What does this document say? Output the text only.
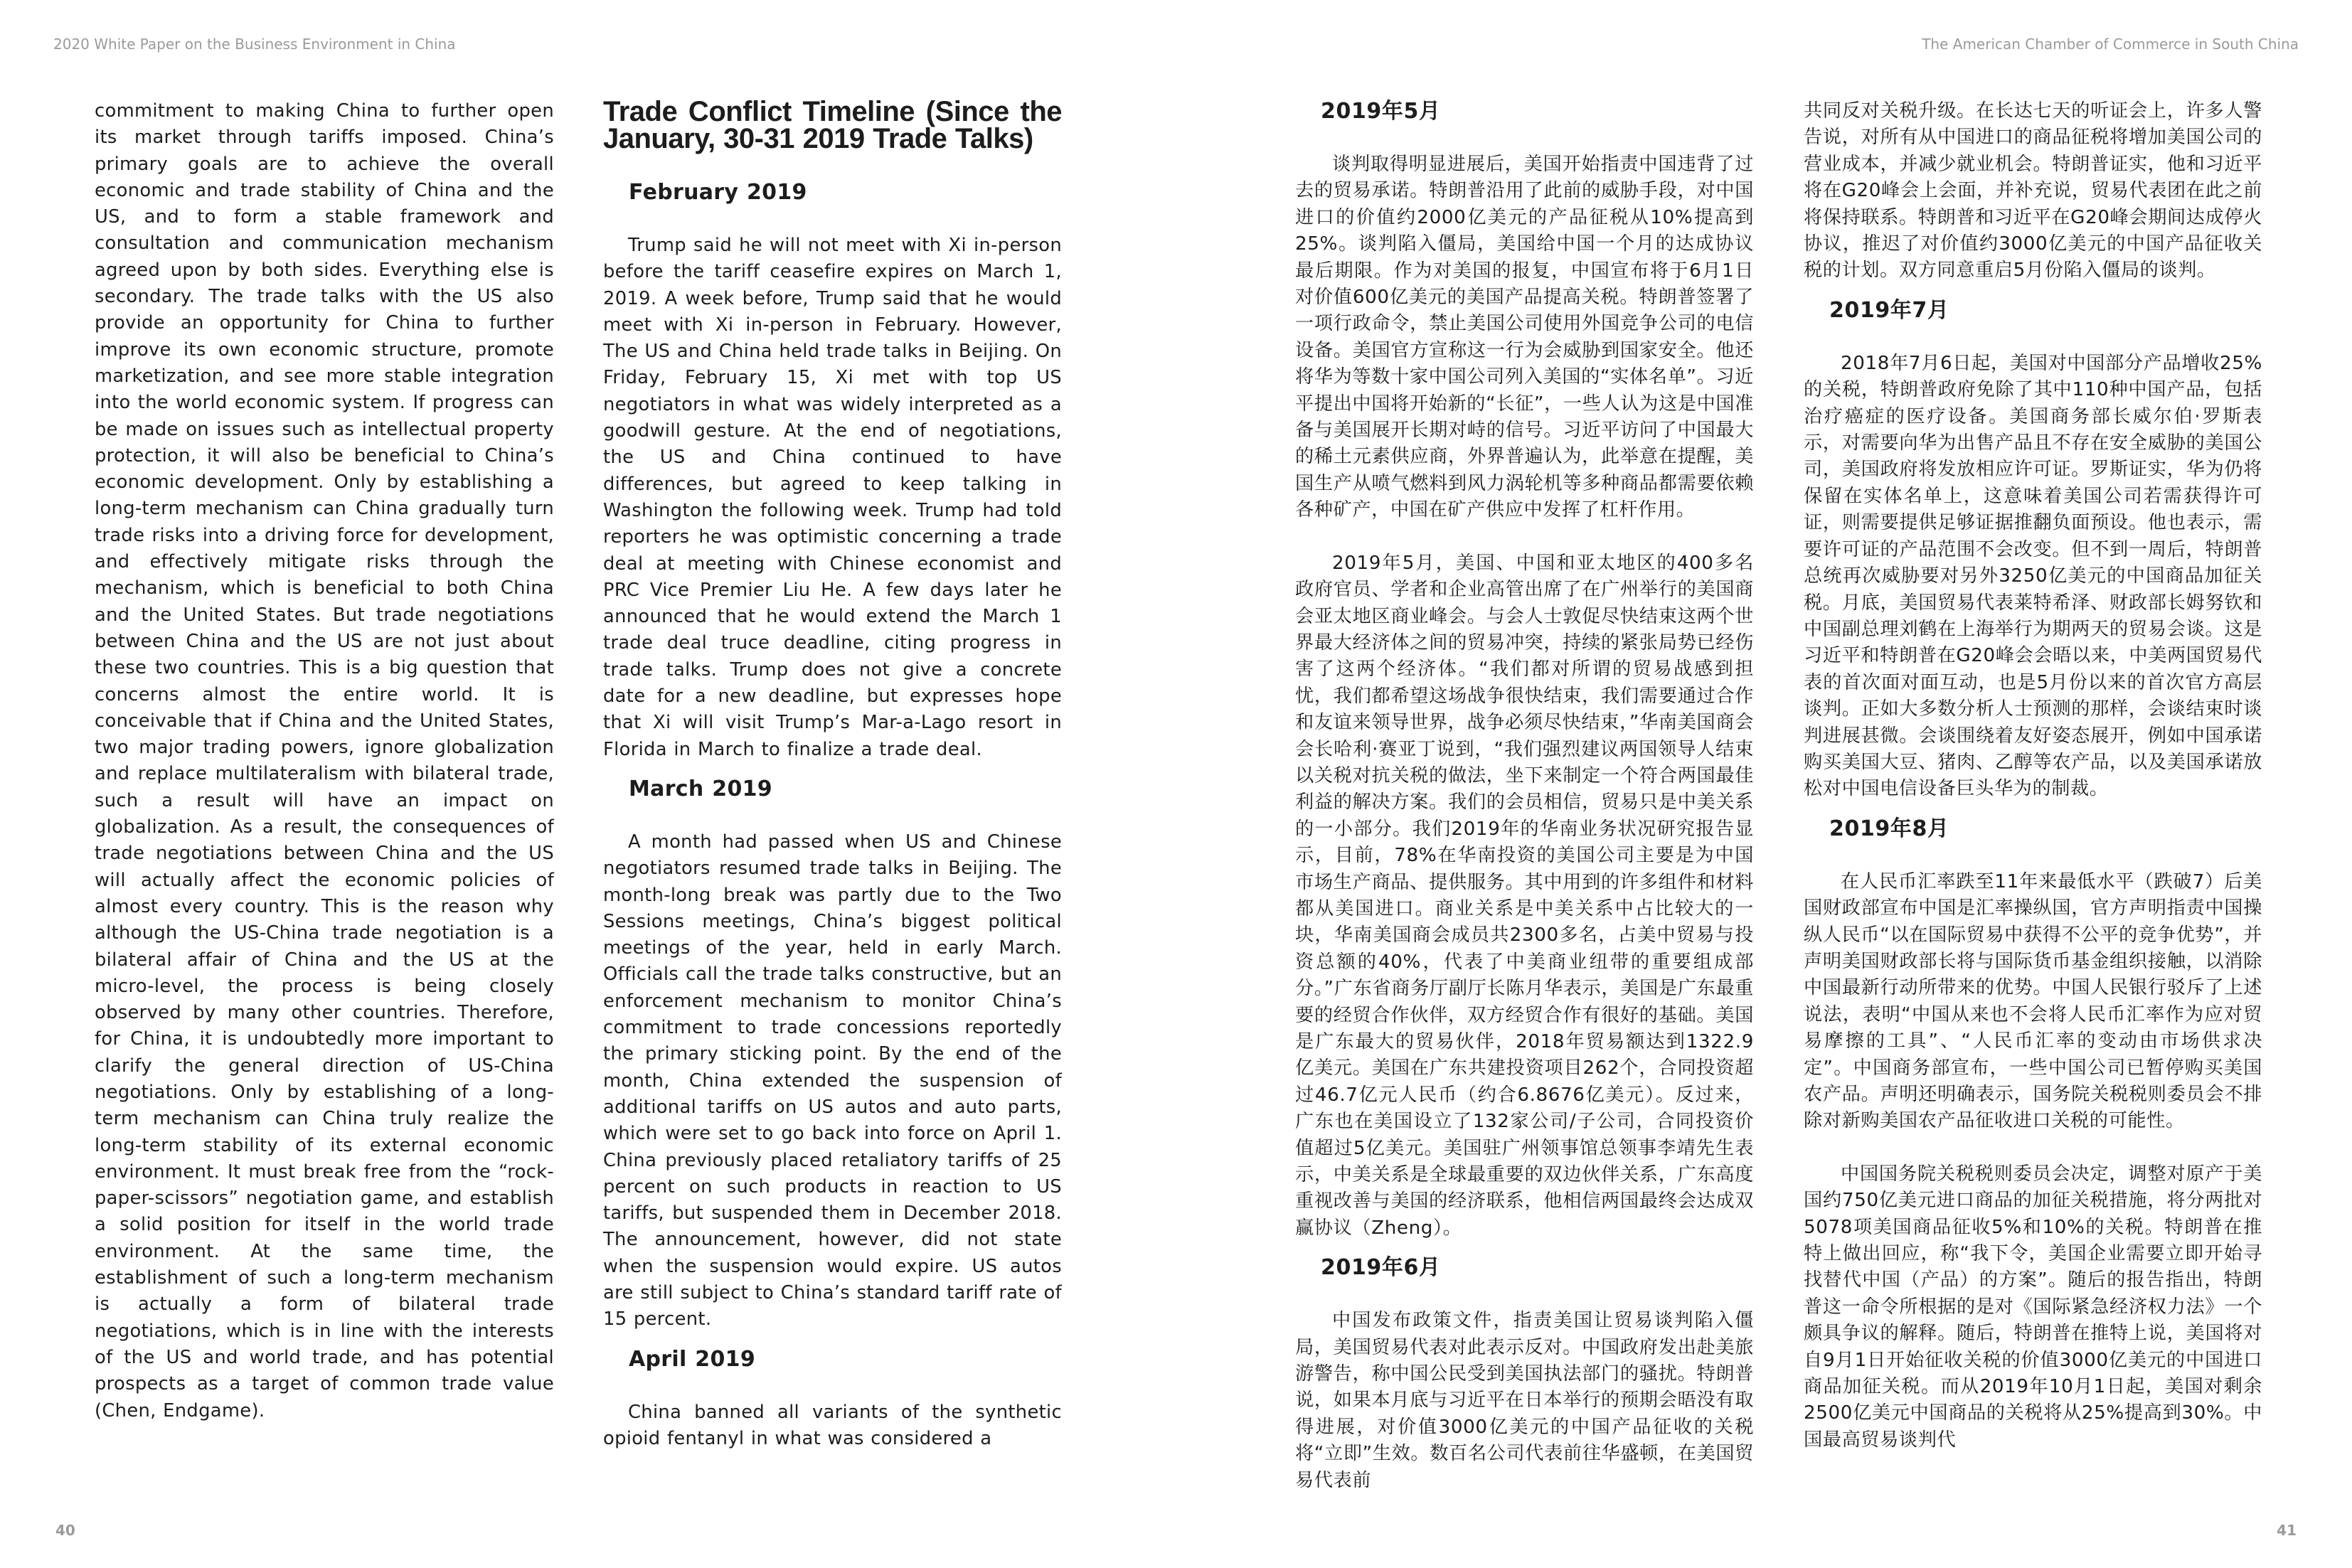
2020 White Paper on the Business Environment in China	The American Chamber of Commerce in South China

commitment to making China to further open its market through tariffs imposed. China’s primary goals are to achieve the overall economic and trade stability of China and the US, and to form a stable framework and consultation and communication mechanism agreed upon by both sides. Everything else is secondary. The trade talks with the US also provide an opportunity for China to further improve its own economic structure, promote marketization, and see more stable integration into the world economic system. If progress can be made on issues such as intellectual property protection, it will also be beneficial to China’s economic development. Only by establishing a long-term mechanism can China gradually turn trade risks into a driving force for development, and effectively mitigate risks through the mechanism, which is beneficial to both China and the United States. But trade negotiations between China and the US are not just about these two countries. This is a big question that concerns almost the entire world. It is conceivable that if China and the United States, two major trading powers, ignore globalization and replace multilateralism with bilateral trade, such a result will have an impact on globalization. As a result, the consequences of trade negotiations between China and the US will actually affect the economic policies of almost every country. This is the reason why although the US-China trade negotiation is a bilateral affair of China and the US at the micro-level, the process is being closely observed by many other countries. Therefore, for China, it is undoubtedly more important to clarify the general direction of US-China negotiations. Only by establishing of a long-term mechanism can China truly realize the long-term stability of its external economic environment. It must break free from the “rock-paper-scissors” negotiation game, and establish a solid position for itself in the world trade environment. At the same time, the establishment of such a long-term mechanism is actually a form of bilateral trade negotiations, which is in line with the interests of the US and world trade, and has potential prospects as a target of common trade value (Chen, Endgame).

Trade Conflict Timeline (Since the January, 30-31 2019 Trade Talks)
February 2019

Trump said he will not meet with Xi in-person before the tariff ceasefire expires on March 1, 2019. A week before, Trump said that he would meet with Xi in-person in February. However, The US and China held trade talks in Beijing. On Friday, February 15, Xi met with top US negotiators in what was widely interpreted as a goodwill gesture. At the end of negotiations, the US and China continued to have differences, but agreed to keep talking in Washington the following week. Trump had told reporters he was optimistic concerning a trade deal at meeting with Chinese economist and PRC Vice Premier Liu He. A few days later he announced that he would extend the March 1 trade deal truce deadline, citing progress in trade talks. Trump does not give a concrete date for a new deadline, but expresses hope that Xi will visit Trump’s Mar-a-Lago resort in Florida in March to finalize a trade deal.

March 2019

A month had passed when US and Chinese negotiators resumed trade talks in Beijing. The month-long break was partly due to the Two Sessions meetings, China’s biggest political meetings of the year, held in early March. Officials call the trade talks constructive, but an enforcement mechanism to monitor China’s commitment to trade concessions reportedly the primary sticking point. By the end of the month, China extended the suspension of additional tariffs on US autos and auto parts, which were set to go back into force on April 1. China previously placed retaliatory tariffs of 25 percent on such products in reaction to US tariffs, but suspended them in December 2018. The announcement, however, did not state when the suspension would expire. US autos are still subject to China’s standard tariff rate of 15 percent.

April 2019

China banned all variants of the synthetic opioid fentanyl in what was considered a

2019年5月

谈判取得明显进展后，美国开始指责中国违背了过去的贸易承诺。特朗普沿用了此前的威胁手段，对中国进口的价值约2000亿美元的产品征税从10%提高到25%。谈判陷入僵局，美国给中国一个月的达成协议最后期限。作为对美国的报复，中国宣布将于6月1日对价值600亿美元的美国产品提高关税。特朗普签署了一项行政命令，禁止美国公司使用外国竞争公司的电信设备。美国官方宣称这一行为会威胁到国家安全。他还将华为等数十家中国公司列入美国的“实体名单”。习近平提出中国将开始新的“长征”，一些人认为这是中国准备与美国展开长期对峙的信号。习近平访问了中国最大的稀土元素供应商，外界普遍认为，此举意在提醒，美国生产从喷气燃料到风力涡轮机等多种商品都需要依赖各种矿产，中国在矿产供应中发挥了杠杆作用。

2019年5月，美国、中国和亚太地区的400多名政府官员、学者和企业高管出席了在广州举行的美国商会亚太地区商业峰会。与会人士敦促尽快结束这两个世界最大经济体之间的贸易冲突，持续的紧张局势已经伤害了这两个经济体。“我们都对所谓的贸易战感到担忧，我们都希望这场战争很快结束，我们需要通过合作和友谊来领导世界，战争必须尽快结束，”华南美国商会会长哈利·赛亚丁说到，“我们强烈建议两国领导人结束以关税对抗关税的做法，坐下来制定一个符合两国最佳利益的解决方案。我们的会员相信，贸易只是中美关系的一小部分。我们2019年的华南业务状况研究报告显示，目前，78%在华南投资的美国公司主要是为中国市场生产商品、提供服务。其中用到的许多组件和材料都从美国进口。商业关系是中美关系中占比较大的一块，华南美国商会成员共2300多名，占美中贸易与投资总额的40%，代表了中美商业纽带的重要组成部分。”广东省商务厅副厅长陈月华表示，美国是广东最重要的经贸合作伙伴，双方经贸合作有很好的基础。美国是广东最大的贸易伙伴，2018年贸易额达到1322.9亿美元。美国在广东共建投资项目262个，合同投资超过46.7亿元人民币（约合6.8676亿美元）。反过来，广东也在美国设立了132家公司/子公司，合同投资价值超过5亿美元。美国驻广州领事馆总领事李靖先生表示，中美关系是全球最重要的双边伙伴关系，广东高度重视改善与美国的经济联系，他相信两国最终会达成双赢协议（Zheng）。

2019年6月

中国发布政策文件，指责美国让贸易谈判陷入僵局，美国贸易代表对此表示反对。中国政府发出赴美旅游警告，称中国公民受到美国执法部门的骚扰。特朗普说，如果本月底与习近平在日本举行的预期会晤没有取得进展，对价值3000亿美元的中国产品征收的关税将“立即”生效。数百名公司代表前往华盛顿，在美国贸易代表前

共同反对关税升级。在长达七天的听证会上，许多人警告说，对所有从中国进口的商品征税将增加美国公司的营业成本，并减少就业机会。特朗普证实，他和习近平将在G20峰会上会面，并补充说，贸易代表团在此之前将保持联系。特朗普和习近平在G20峰会期间达成停火协议，推迟了对价值约3000亿美元的中国产品征收关税的计划。双方同意重启5月份陷入僵局的谈判。

2019年7月

2018年7月6日起，美国对中国部分产品增收25%的关税，特朗普政府免除了其中110种中国产品，包括治疗癌症的医疗设备。美国商务部长威尔伯·罗斯表示，对需要向华为出售产品且不存在安全威胁的美国公司，美国政府将发放相应许可证。罗斯证实，华为仍将保留在实体名单上，这意味着美国公司若需获得许可证，则需要提供足够证据推翻负面预设。他也表示，需要许可证的产品范围不会改变。但不到一周后，特朗普总统再次威胁要对另外3250亿美元的中国商品加征关税。月底，美国贸易代表莱特希泽、财政部长姆努钦和中国副总理刘鹤在上海举行为期两天的贸易会谈。这是习近平和特朗普在G20峰会会晤以来，中美两国贸易代表的首次面对面互动，也是5月份以来的首次官方高层谈判。正如大多数分析人士预测的那样，会谈结束时谈判进展甚微。会谈围绕着友好姿态展开，例如中国承诺购买美国大豆、猪肉、乙醇等农产品，以及美国承诺放松对中国电信设备巨头华为的制裁。

2019年8月

在人民币汇率跌至11年来最低水平（跌破7）后美国财政部宣布中国是汇率操纵国，官方声明指责中国操纵人民币“以在国际贸易中获得不公平的竞争优势”，并声明美国财政部长将与国际货币基金组织接触，以消除中国最新行动所带来的优势。中国人民银行驳斥了上述说法，表明“中国从来也不会将人民币汇率作为应对贸易摩擦的工具”、“人民币汇率的变动由市场供求决定”。中国商务部宣布，一些中国公司已暂停购买美国农产品。声明还明确表示，国务院关税税则委员会不排除对新购美国农产品征收进口关税的可能性。

中国国务院关税税则委员会决定，调整对原产于美国约750亿美元进口商品的加征关税措施，将分两批对5078项美国商品征收5%和10%的关税。特朗普在推特上做出回应，称“我下令，美国企业需要立即开始寻找替代中国（产品）的方案”。随后的报告指出，特朗普这一命令所根据的是对《国际紧急经济权力法》一个颇具争议的解释。随后，特朗普在推特上说，美国将对自9月1日开始征收关税的价值3000亿美元的中国进口商品加征关税。而从2019年10月1日起，美国对剩余2500亿美元中国商品的关税将从25%提高到30%。中国最高贸易谈判代

40	41
